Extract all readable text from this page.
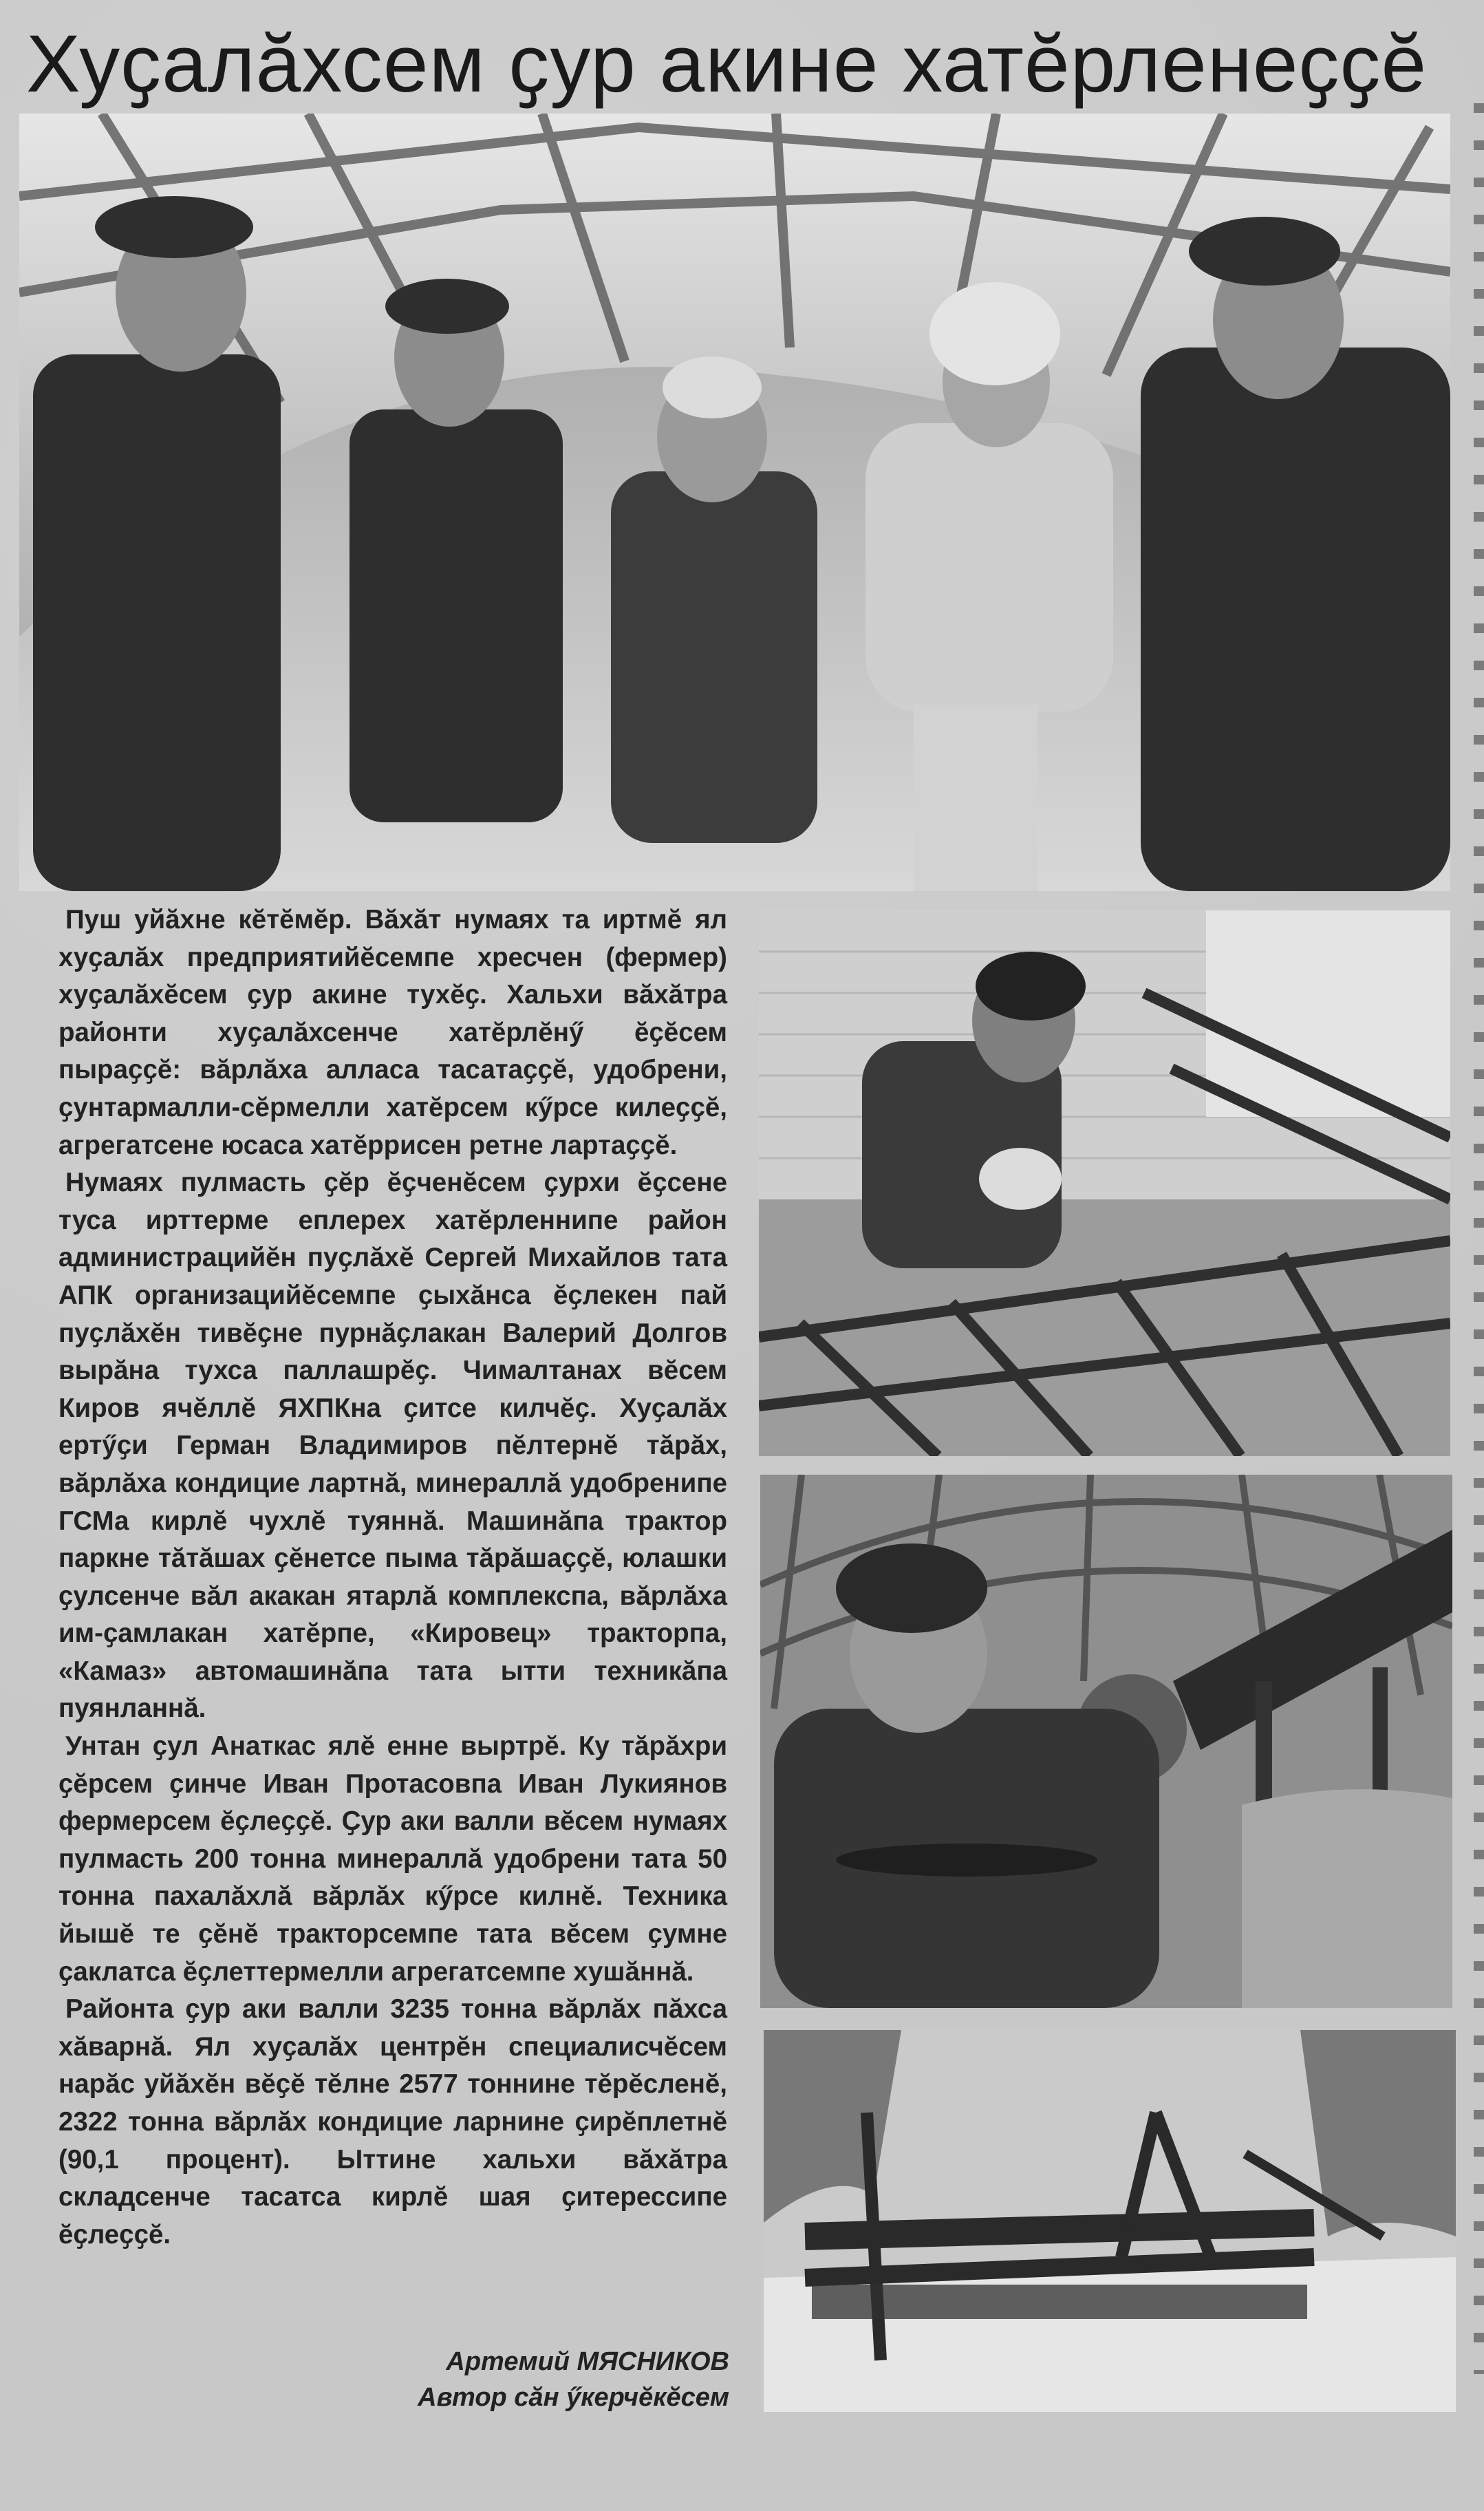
Хуҫалӑхсем ҫур акине хатӗрленеҫҫӗ

Пуш уйӑхне кӗтӗмӗр. Вӑхӑт нумаях та иртмӗ ял хуҫалӑх предприятийӗсемпе хресчен (фермер) хуҫалӑхӗсем ҫур акине тухӗҫ. Хальхи вӑхӑтра районти хуҫалӑхсенче хатӗрлӗнӳ ӗҫӗсем пыраҫҫӗ: вӑрлӑха алласа тасатаҫҫӗ, удобрени, ҫунтармалли-сӗрмелли хатӗрсем кӳрсе килеҫҫӗ, агрегатсене юсаса хатӗррисен ретне лартаҫҫӗ.

Нумаях пулмасть ҫӗр ӗҫченӗсем ҫурхи ӗҫсене туса ирттерме еплерех хатӗрленнипе район администрацийӗн пуҫлӑхӗ Сергей Михайлов тата АПК организацийӗсемпе ҫыхӑнса ӗҫлекен пай пуҫлӑхӗн тивӗҫне пурнӑҫлакан Валерий Долгов вырӑна тухса паллашрӗҫ. Чималтанах вӗсем Киров ячӗллӗ ЯХПКна ҫитсе килчӗҫ. Хуҫалӑх ертӳҫи Герман Владимиров пӗлтернӗ тӑрӑх, вӑрлӑха кондицие лартнӑ, минераллӑ удобренипе ГСМа кирлӗ чухлӗ туяннӑ. Машинӑпа трактор паркне тӑтӑшах ҫӗнетсе пыма тӑрӑшаҫҫӗ, юлашки ҫулсенче вӑл акакан ятарлӑ комплекспа, вӑрлӑха им-ҫамлакан хатӗрпе, «Кировец» тракторпа, «Камаз» автомашинӑпа тата ытти техникӑпа пуянланнӑ.

Унтан ҫул Анаткас ялӗ енне выртрӗ. Ку тӑрӑхри ҫӗрсем ҫинче Иван Протасовпа Иван Лукиянов фермерсем ӗҫлеҫҫӗ. Ҫур аки валли вӗсем нумаях пулмасть 200 тонна минераллӑ удобрени тата 50 тонна пахалӑхлӑ вӑрлӑх кӳрсе килнӗ. Техника йышӗ те ҫӗнӗ тракторсемпе тата вӗсем ҫумне ҫаклатса ӗҫлеттермелли агрегатсемпе хушӑннӑ.

Районта ҫур аки валли 3235 тонна вӑрлӑх пӑхса хӑварнӑ. Ял хуҫалӑх центрӗн специалисчӗсем нарӑс уйӑхӗн вӗҫӗ тӗлне 2577 тоннине тӗрӗсленӗ, 2322 тонна вӑрлӑх кондицие ларнине ҫирӗплетнӗ (90,1 процент). Ыттине хальхи вӑхӑтра складсенче тасатса кирлӗ шая ҫитерессипе ӗҫлеҫҫӗ.

Артемий МЯСНИКОВ
Автор сӑн ӳкерчӗкӗсем
